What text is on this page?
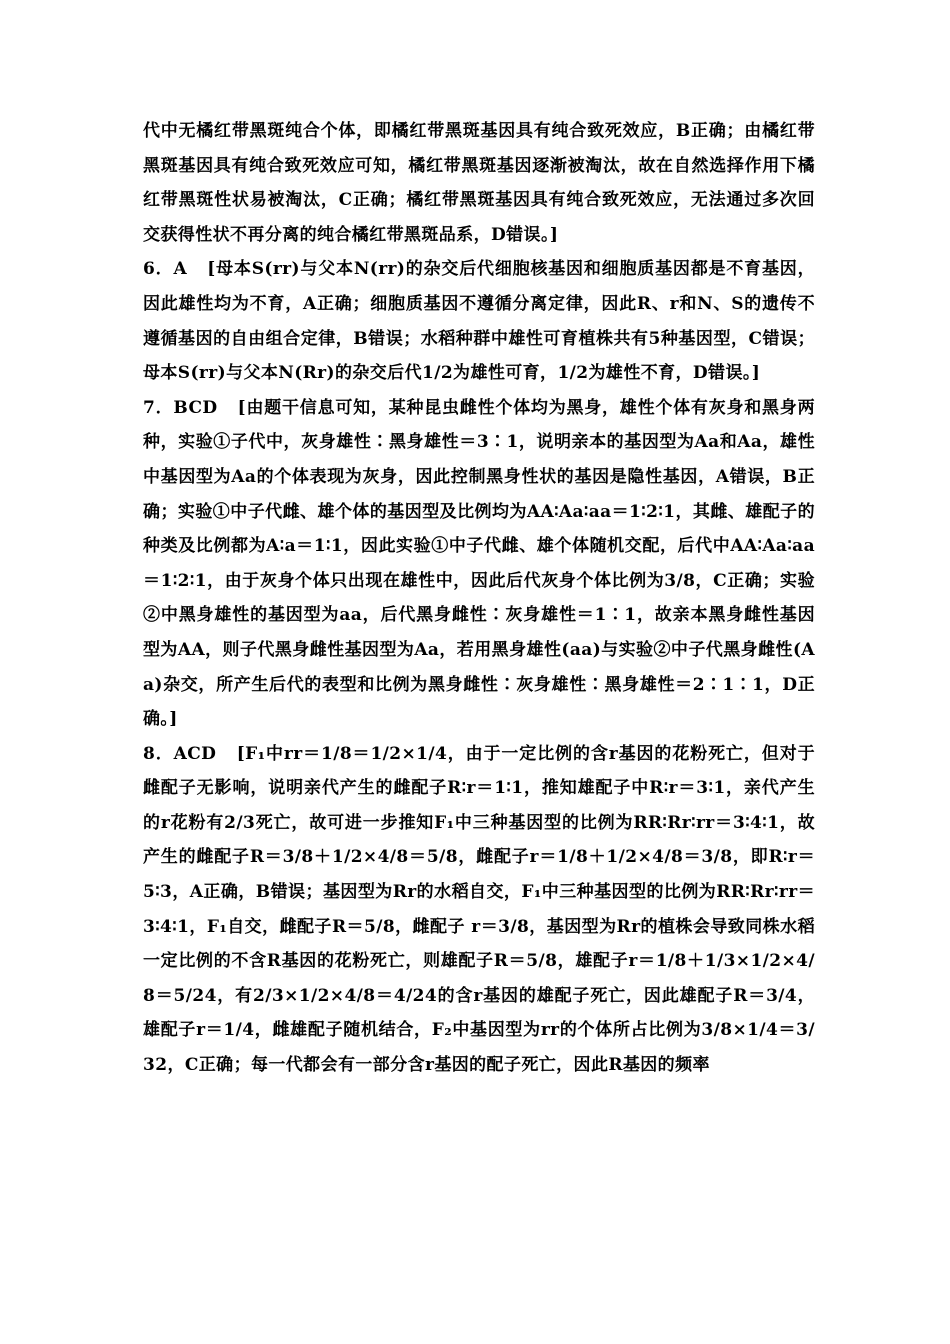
代中无橘红带黑斑纯合个体，即橘红带黑斑基因具有纯合致死效应，B正确；由橘红带黑斑基因具有纯合致死效应可知，橘红带黑斑基因逐渐被淘汰，故在自然选择作用下橘红带黑斑性状易被淘汰，C正确；橘红带黑斑基因具有纯合致死效应，无法通过多次回交获得性状不再分离的纯合橘红带黑斑品系，D错误。]
6．A   [母本S(rr)与父本N(rr)的杂交后代细胞核基因和细胞质基因都是不育基因，因此雄性均为不育，A正确；细胞质基因不遵循分离定律，因此R、r和N、S的遗传不遵循基因的自由组合定律，B错误；水稻种群中雄性可育植株共有5种基因型，C错误；母本S(rr)与父本N(Rr)的杂交后代1/2为雄性可育，1/2为雄性不育，D错误。]
7．BCD   [由题干信息可知，某种昆虫雌性个体均为黑身，雄性个体有灰身和黑身两种，实验①子代中，灰身雄性∶黑身雄性＝3∶1，说明亲本的基因型为Aa和Aa，雄性中基因型为Aa的个体表现为灰身，因此控制黑身性状的基因是隐性基因，A错误，B正确；实验①中子代雌、雄个体的基因型及比例均为AA∶Aa∶aa＝1∶2∶1，其雌、雄配子的种类及比例都为A∶a＝1∶1，因此实验①中子代雌、雄个体随机交配，后代中AA∶Aa∶aa＝1∶2∶1，由于灰身个体只出现在雄性中，因此后代灰身个体比例为3/8，C正确；实验②中黑身雄性的基因型为aa，后代黑身雌性∶灰身雄性＝1∶1，故亲本黑身雌性基因型为AA，则子代黑身雌性基因型为Aa，若用黑身雄性(aa)与实验②中子代黑身雌性(Aa)杂交，所产生后代的表型和比例为黑身雌性∶灰身雄性∶黑身雄性＝2∶1∶1，D正确。]
8．ACD   [F₁中rr＝1/8＝1/2×1/4，由于一定比例的含r基因的花粉死亡，但对于雌配子无影响，说明亲代产生的雌配子R∶r＝1∶1，推知雄配子中R∶r＝3∶1，亲代产生的r花粉有2/3死亡，故可进一步推知F₁中三种基因型的比例为RR∶Rr∶rr＝3∶4∶1，故产生的雌配子R＝3/8＋1/2×4/8＝5/8，雌配子r＝1/8＋1/2×4/8＝3/8，即R∶r＝5∶3，A正确，B错误；基因型为Rr的水稻自交，F₁中三种基因型的比例为RR∶Rr∶rr＝3∶4∶1，F₁自交，雌配子R＝5/8，雌配子 r＝3/8，基因型为Rr的植株会导致同株水稻一定比例的不含R基因的花粉死亡，则雄配子R＝5/8，雄配子r＝1/8＋1/3×1/2×4/8＝5/24，有2/3×1/2×4/8＝4/24的含r基因的雄配子死亡，因此雄配子R＝3/4，雄配子r＝1/4，雌雄配子随机结合，F₂中基因型为rr的个体所占比例为3/8×1/4＝3/32，C正确；每一代都会有一部分含r基因的配子死亡，因此R基因的频率
